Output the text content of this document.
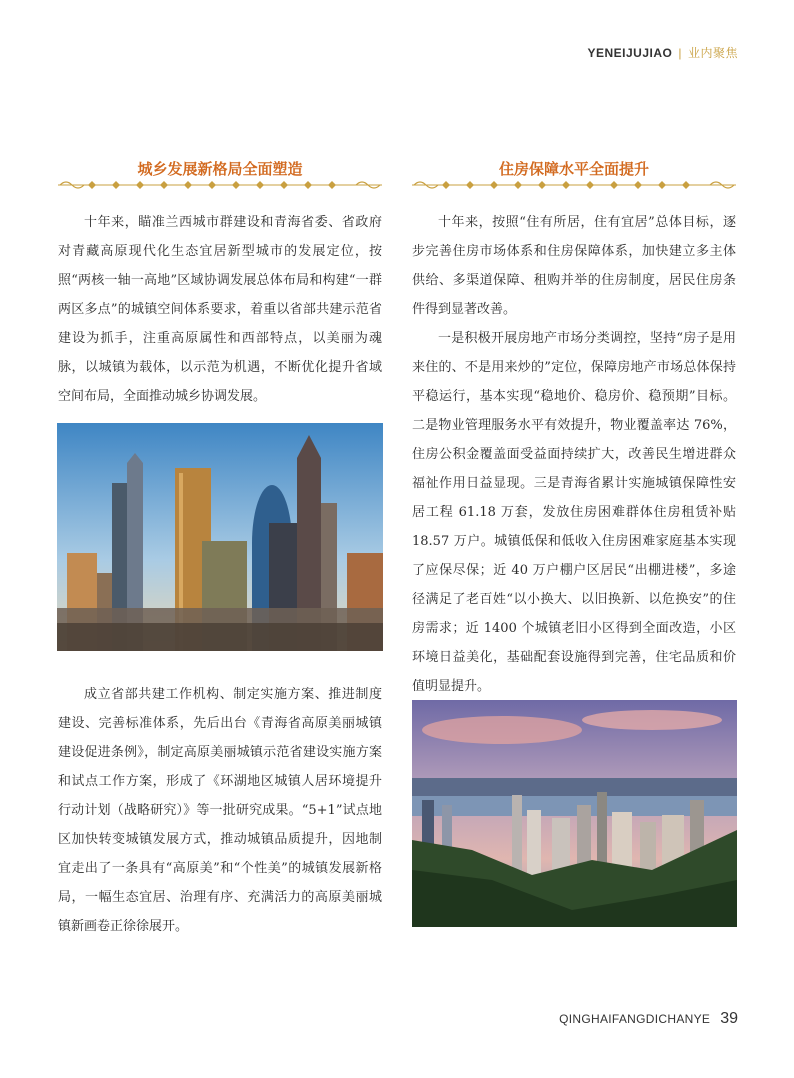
YENEIJUJIAO | 业内聚焦
城乡发展新格局全面塑造	住房保障水平全面提升

十年来，瞄准兰西城市群建设和青海省委、省政府对青藏高原现代化生态宜居新型城市的发展定位，按照“两核一轴一高地”区域协调发展总体布局和构建“一群两区多点”的城镇空间体系要求，着重以省部共建示范省建设为抓手，注重高原属性和西部特点，以美丽为魂脉，以城镇为载体，以示范为机遇，不断优化提升省域空间布局，全面推动城乡协调发展。

成立省部共建工作机构、制定实施方案、推进制度建设、完善标准体系，先后出台《青海省高原美丽城镇建设促进条例》，制定高原美丽城镇示范省建设实施方案和试点工作方案，形成了《环湖地区城镇人居环境提升行动计划（战略研究）》等一批研究成果。“5+1”试点地区加快转变城镇发展方式，推动城镇品质提升，因地制宜走出了一条具有“高原美”和“个性美”的城镇发展新格局，一幅生态宜居、治理有序、充满活力的高原美丽城镇新画卷正徐徐展开。

十年来，按照“住有所居，住有宜居”总体目标，逐步完善住房市场体系和住房保障体系，加快建立多主体供给、多渠道保障、租购并举的住房制度，居民住房条件得到显著改善。

一是积极开展房地产市场分类调控，坚持“房子是用来住的、不是用来炒的”定位，保障房地产市场总体保持平稳运行，基本实现“稳地价、稳房价、稳预期”目标。二是物业管理服务水平有效提升，物业覆盖率达 76%，住房公积金覆盖面受益面持续扩大，改善民生增进群众福祉作用日益显现。三是青海省累计实施城镇保障性安居工程 61.18 万套，发放住房困难群体住房租赁补贴 18.57 万户。城镇低保和低收入住房困难家庭基本实现了应保尽保；近 40 万户棚户区居民“出棚进楼”，多途径满足了老百姓“以小换大、以旧换新、以危换安”的住房需求；近 1400 个城镇老旧小区得到全面改造，小区环境日益美化，基础配套设施得到完善，住宅品质和价值明显提升。

QINGHAIFANGDICHANYE 39
